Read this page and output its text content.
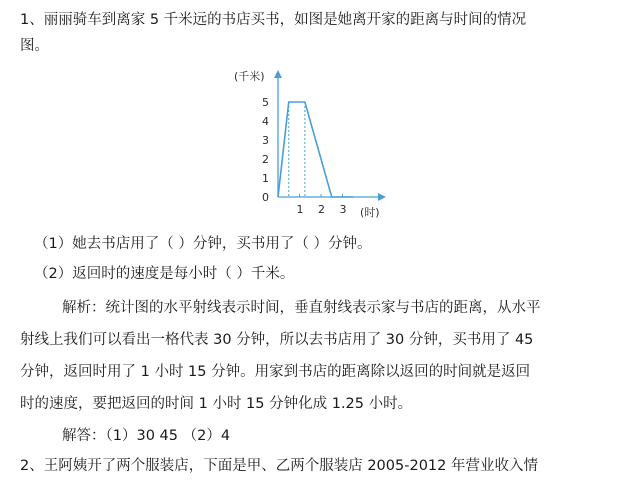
1、丽丽骑车到离家 5 千米远的书店买书，如图是她离开家的距离与时间的情况
图。
(千米)
0
1
2
3
4
5
1 2 3 (时)
（1）她去书店用了（ ）分钟，买书用了（ ）分钟。
（2）返回时的速度是每小时（ ）千米。
解析：统计图的水平射线表示时间，垂直射线表示家与书店的距离，从水平
射线上我们可以看出一格代表 30 分钟，所以去书店用了 30 分钟，买书用了 45
分钟，返回时用了 1 小时 15 分钟。用家到书店的距离除以返回的时间就是返回
时的速度，要把返回的时间 1 小时 15 分钟化成 1.25 小时。
解答：（1）30 45 （2）4
2、王阿姨开了两个服装店，下面是甲、乙两个服装店 2005-2012 年营业收入情
